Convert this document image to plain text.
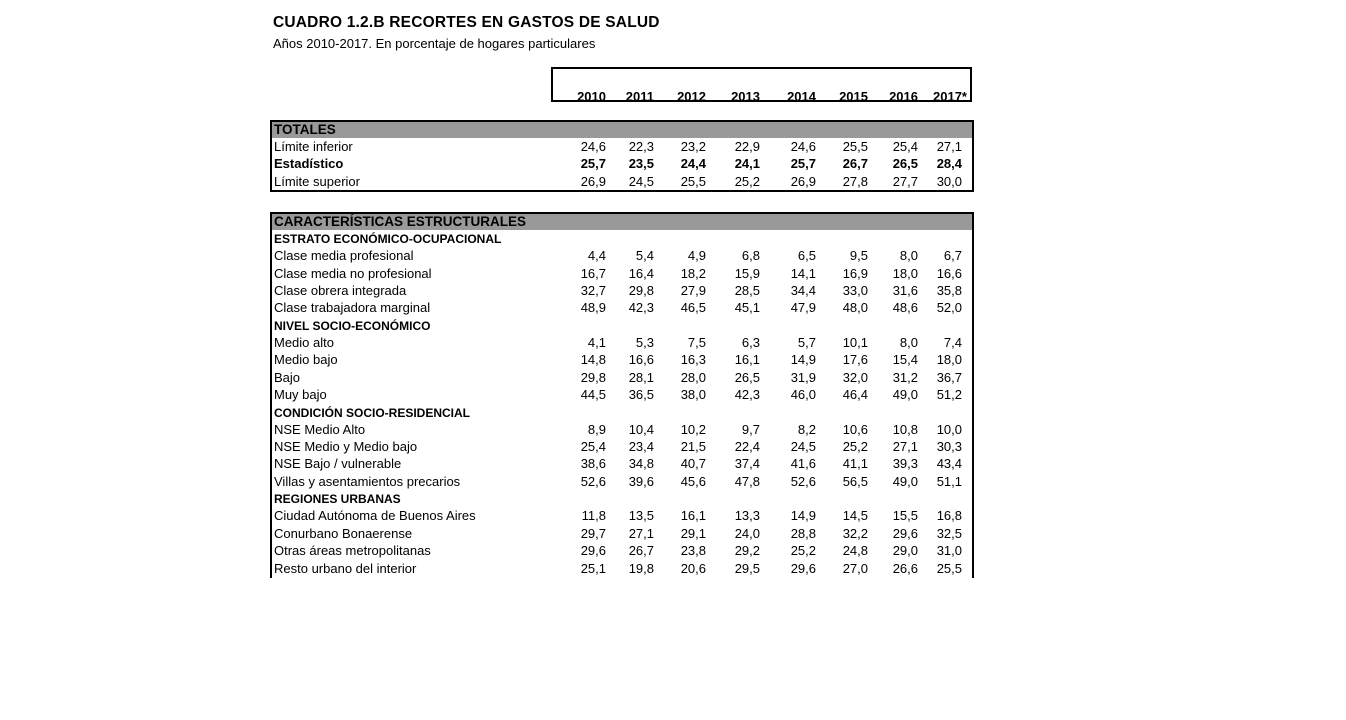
CUADRO 1.2.B RECORTES EN GASTOS DE SALUD
Años 2010-2017. En porcentaje de hogares particulares
2010	2011	2012	2013	2014	2015	2016	2017*
TOTALES
Límite inferior	24,6	22,3	23,2	22,9	24,6	25,5	25,4	27,1
Estadístico	25,7	23,5	24,4	24,1	25,7	26,7	26,5	28,4
Límite superior	26,9	24,5	25,5	25,2	26,9	27,8	27,7	30,0
CARACTERÍSTICAS ESTRUCTURALES
ESTRATO ECONÓMICO-OCUPACIONAL
Clase media profesional	4,4	5,4	4,9	6,8	6,5	9,5	8,0	6,7
Clase media no profesional	16,7	16,4	18,2	15,9	14,1	16,9	18,0	16,6
Clase obrera integrada	32,7	29,8	27,9	28,5	34,4	33,0	31,6	35,8
Clase trabajadora marginal	48,9	42,3	46,5	45,1	47,9	48,0	48,6	52,0
NIVEL SOCIO-ECONÓMICO
Medio alto	4,1	5,3	7,5	6,3	5,7	10,1	8,0	7,4
Medio bajo	14,8	16,6	16,3	16,1	14,9	17,6	15,4	18,0
Bajo	29,8	28,1	28,0	26,5	31,9	32,0	31,2	36,7
Muy bajo	44,5	36,5	38,0	42,3	46,0	46,4	49,0	51,2
CONDICIÓN SOCIO-RESIDENCIAL
NSE Medio Alto	8,9	10,4	10,2	9,7	8,2	10,6	10,8	10,0
NSE Medio y Medio bajo	25,4	23,4	21,5	22,4	24,5	25,2	27,1	30,3
NSE Bajo / vulnerable	38,6	34,8	40,7	37,4	41,6	41,1	39,3	43,4
Villas y asentamientos precarios	52,6	39,6	45,6	47,8	52,6	56,5	49,0	51,1
REGIONES URBANAS
Ciudad Autónoma de Buenos Aires	11,8	13,5	16,1	13,3	14,9	14,5	15,5	16,8
Conurbano Bonaerense	29,7	27,1	29,1	24,0	28,8	32,2	29,6	32,5
Otras áreas metropolitanas	29,6	26,7	23,8	29,2	25,2	24,8	29,0	31,0
Resto urbano del interior	25,1	19,8	20,6	29,5	29,6	27,0	26,6	25,5
